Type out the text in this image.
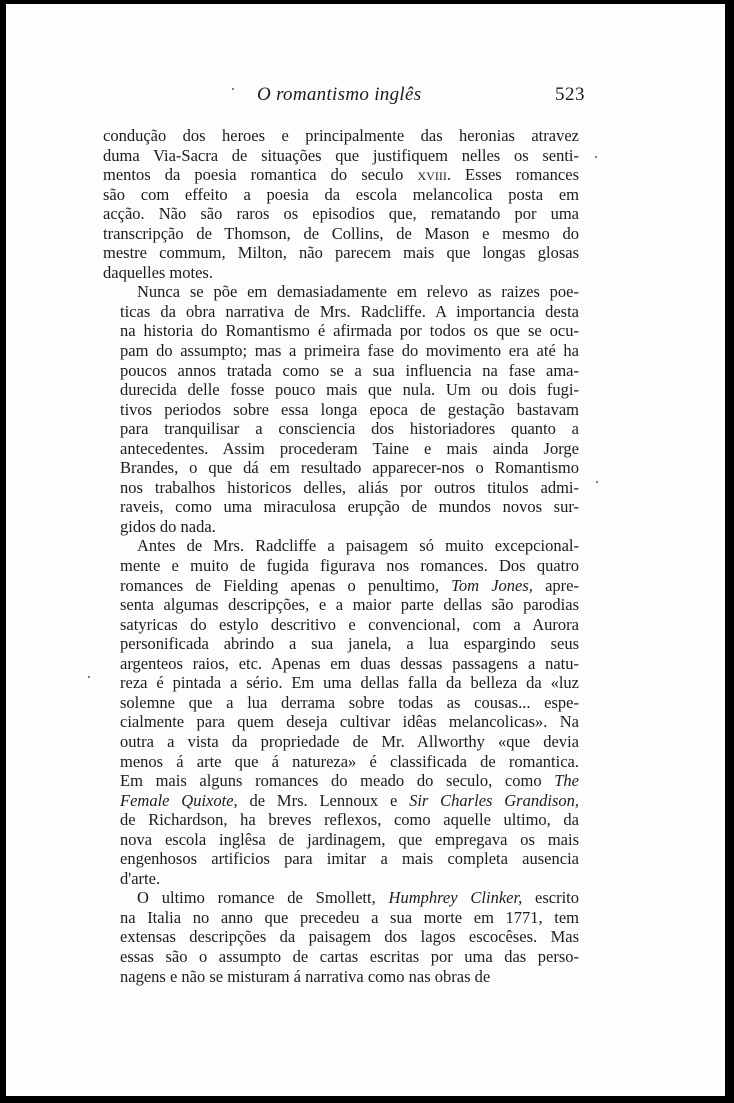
O romantismo inglês	523
condução dos heroes e principalmente das heronias atravez
duma Via-Sacra de situações que justifiquem nelles os senti-
mentos da poesia romantica do seculo xviii. Esses romances
são com effeito a poesia da escola melancolica posta em
acção. Não são raros os episodios que, rematando por uma
transcripção de Thomson, de Collins, de Mason e mesmo do
mestre commum, Milton, não parecem mais que longas glosas
daquelles motes.
Nunca se põe em demasiadamente em relevo as raizes poe-
ticas da obra narrativa de Mrs. Radcliffe. A importancia desta
na historia do Romantismo é afirmada por todos os que se ocu-
pam do assumpto; mas a primeira fase do movimento era até ha
poucos annos tratada como se a sua influencia na fase ama-
durecida delle fosse pouco mais que nula. Um ou dois fugi-
tivos periodos sobre essa longa epoca de gestação bastavam
para tranquilisar a consciencia dos historiadores quanto a
antecedentes. Assim procederam Taine e mais ainda Jorge
Brandes, o que dá em resultado apparecer-nos o Romantismo
nos trabalhos historicos delles, aliás por outros titulos admi-
raveis, como uma miraculosa erupção de mundos novos sur-
gidos do nada.
Antes de Mrs. Radcliffe a paisagem só muito excepcional-
mente e muito de fugida figurava nos romances. Dos quatro
romances de Fielding apenas o penultimo, Tom Jones, apre-
senta algumas descripções, e a maior parte dellas são parodias
satyricas do estylo descritivo e convencional, com a Aurora
personificada abrindo a sua janela, a lua espargindo seus
argenteos raios, etc. Apenas em duas dessas passagens a natu-
reza é pintada a sério. Em uma dellas falla da belleza da «luz
solemne que a lua derrama sobre todas as cousas... espe-
cialmente para quem deseja cultivar idêas melancolicas». Na
outra a vista da propriedade de Mr. Allworthy «que devia
menos á arte que á natureza» é classificada de romantica.
Em mais alguns romances do meado do seculo, como The
Female Quixote, de Mrs. Lennoux e Sir Charles Grandison,
de Richardson, ha breves reflexos, como aquelle ultimo, da
nova escola inglêsa de jardinagem, que empregava os mais
engenhosos artificios para imitar a mais completa ausencia
d'arte.
O ultimo romance de Smollett, Humphrey Clinker, escrito
na Italia no anno que precedeu a sua morte em 1771, tem
extensas descripções da paisagem dos lagos escocêses. Mas
essas são o assumpto de cartas escritas por uma das perso-
nagens e não se misturam á narrativa como nas obras de
